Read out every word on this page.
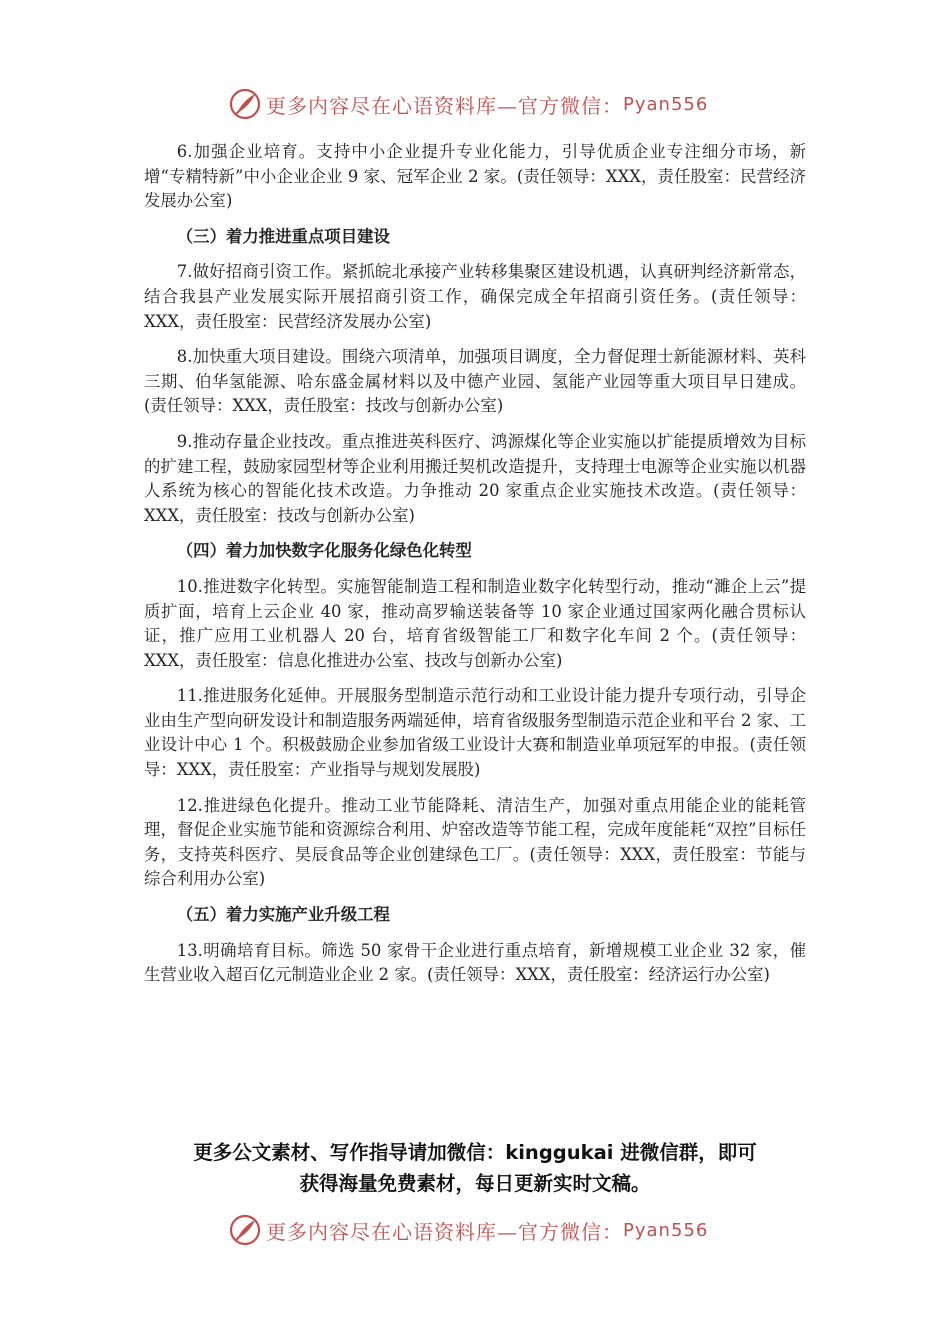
更多内容尽在心语资料库—官方微信： Pyan556

6.加强企业培育。支持中小企业提升专业化能力，引导优质企业专注细分市场，新增“专精特新”中小企业企业 9 家、冠军企业 2 家。(责任领导：XXX，责任股室：民营经济发展办公室)

（三）着力推进重点项目建设

7.做好招商引资工作。紧抓皖北承接产业转移集聚区建设机遇，认真研判经济新常态，结合我县产业发展实际开展招商引资工作，确保完成全年招商引资任务。(责任领导：XXX，责任股室：民营经济发展办公室)

8.加快重大项目建设。围绕六项清单，加强项目调度，全力督促理士新能源材料、英科三期、伯华氢能源、哈东盛金属材料以及中德产业园、氢能产业园等重大项目早日建成。(责任领导：XXX，责任股室：技改与创新办公室)

9.推动存量企业技改。重点推进英科医疗、鸿源煤化等企业实施以扩能提质增效为目标的扩建工程，鼓励家园型材等企业利用搬迁契机改造提升，支持理士电源等企业实施以机器人系统为核心的智能化技术改造。力争推动 20 家重点企业实施技术改造。(责任领导：XXX，责任股室：技改与创新办公室)

（四）着力加快数字化服务化绿色化转型

10.推进数字化转型。实施智能制造工程和制造业数字化转型行动，推动“濉企上云”提质扩面，培育上云企业 40 家，推动高罗输送装备等 10 家企业通过国家两化融合贯标认证，推广应用工业机器人 20 台，培育省级智能工厂和数字化车间 2 个。(责任领导：XXX，责任股室：信息化推进办公室、技改与创新办公室)

11.推进服务化延伸。开展服务型制造示范行动和工业设计能力提升专项行动，引导企业由生产型向研发设计和制造服务两端延伸，培育省级服务型制造示范企业和平台 2 家、工业设计中心 1 个。积极鼓励企业参加省级工业设计大赛和制造业单项冠军的申报。(责任领导：XXX，责任股室：产业指导与规划发展股)

12.推进绿色化提升。推动工业节能降耗、清洁生产，加强对重点用能企业的能耗管理，督促企业实施节能和资源综合利用、炉窑改造等节能工程，完成年度能耗“双控”目标任务，支持英科医疗、昊辰食品等企业创建绿色工厂。(责任领导：XXX，责任股室：节能与综合利用办公室)

（五）着力实施产业升级工程

13.明确培育目标。筛选 50 家骨干企业进行重点培育，新增规模工业企业 32 家，催生营业收入超百亿元制造业企业 2 家。(责任领导：XXX，责任股室：经济运行办公室)

更多公文素材、写作指导请加微信：kinggukai 进微信群，即可
获得海量免费素材，每日更新实时文稿。
更多内容尽在心语资料库—官方微信： Pyan556
